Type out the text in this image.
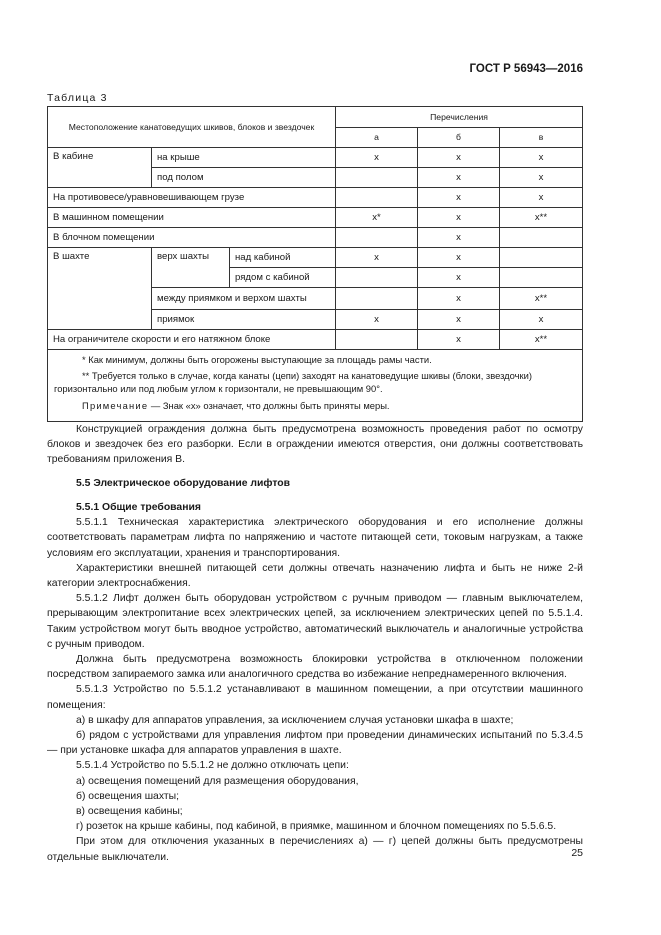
ГОСТ Р 56943—2016
Таблица 3
Местоположение канатоведущих шкивов, блоков и звездочек			Перечисления		
			а	б	в
В кабине	на крыше		х	х	х
	под полом			х	х
На противовесе/уравновешивающем грузе				х	х
В машинном помещении			х*	х	х**
В блочном помещении				х	
В шахте	верх шахты	над кабиной	х	х	
		рядом с кабиной		х	
	между приямком и верхом шахты			х	х**
	приямок		х	х	х
На ограничителе скорости и его натяжном блоке				х	х**

* Как минимум, должны быть огорожены выступающие за площадь рамы части.

** Требуется только в случае, когда канаты (цепи) заходят на канатоведущие шкивы (блоки, звездочки) горизонтально или под любым углом к горизонтали, не превышающим 90°.

Примечание — Знак «х» означает, что должны быть приняты меры.					

Конструкцией ограждения должна быть предусмотрена возможность проведения работ по осмотру блоков и звездочек без его разборки. Если в ограждении имеются отверстия, они должны соответствовать требованиям приложения В.

5.5 Электрическое оборудование лифтов
5.5.1 Общие требования

5.5.1.1 Техническая характеристика электрического оборудования и его исполнение должны соответствовать параметрам лифта по напряжению и частоте питающей сети, токовым нагрузкам, а также условиям его эксплуатации, хранения и транспортирования.

Характеристики внешней питающей сети должны отвечать назначению лифта и быть не ниже 2-й категории электроснабжения.

5.5.1.2 Лифт должен быть оборудован устройством с ручным приводом — главным выключателем, прерывающим электропитание всех электрических цепей, за исключением электрических цепей по 5.5.1.4. Таким устройством могут быть вводное устройство, автоматический выключатель и аналогичные устройства с ручным приводом.

Должна быть предусмотрена возможность блокировки устройства в отключенном положении посредством запираемого замка или аналогичного средства во избежание непреднамеренного включения.

5.5.1.3 Устройство по 5.5.1.2 устанавливают в машинном помещении, а при отсутствии машинного помещения:

а) в шкафу для аппаратов управления, за исключением случая установки шкафа в шахте;

б) рядом с устройствами для управления лифтом при проведении динамических испытаний по 5.3.4.5 — при установке шкафа для аппаратов управления в шахте.

5.5.1.4 Устройство по 5.5.1.2 не должно отключать цепи:

а) освещения помещений для размещения оборудования,

б) освещения шахты;

в) освещения кабины;

г) розеток на крыше кабины, под кабиной, в приямке, машинном и блочном помещениях по 5.5.6.5.

При этом для отключения указанных в перечислениях а) — г) цепей должны быть предусмотрены отдельные выключатели.	25
